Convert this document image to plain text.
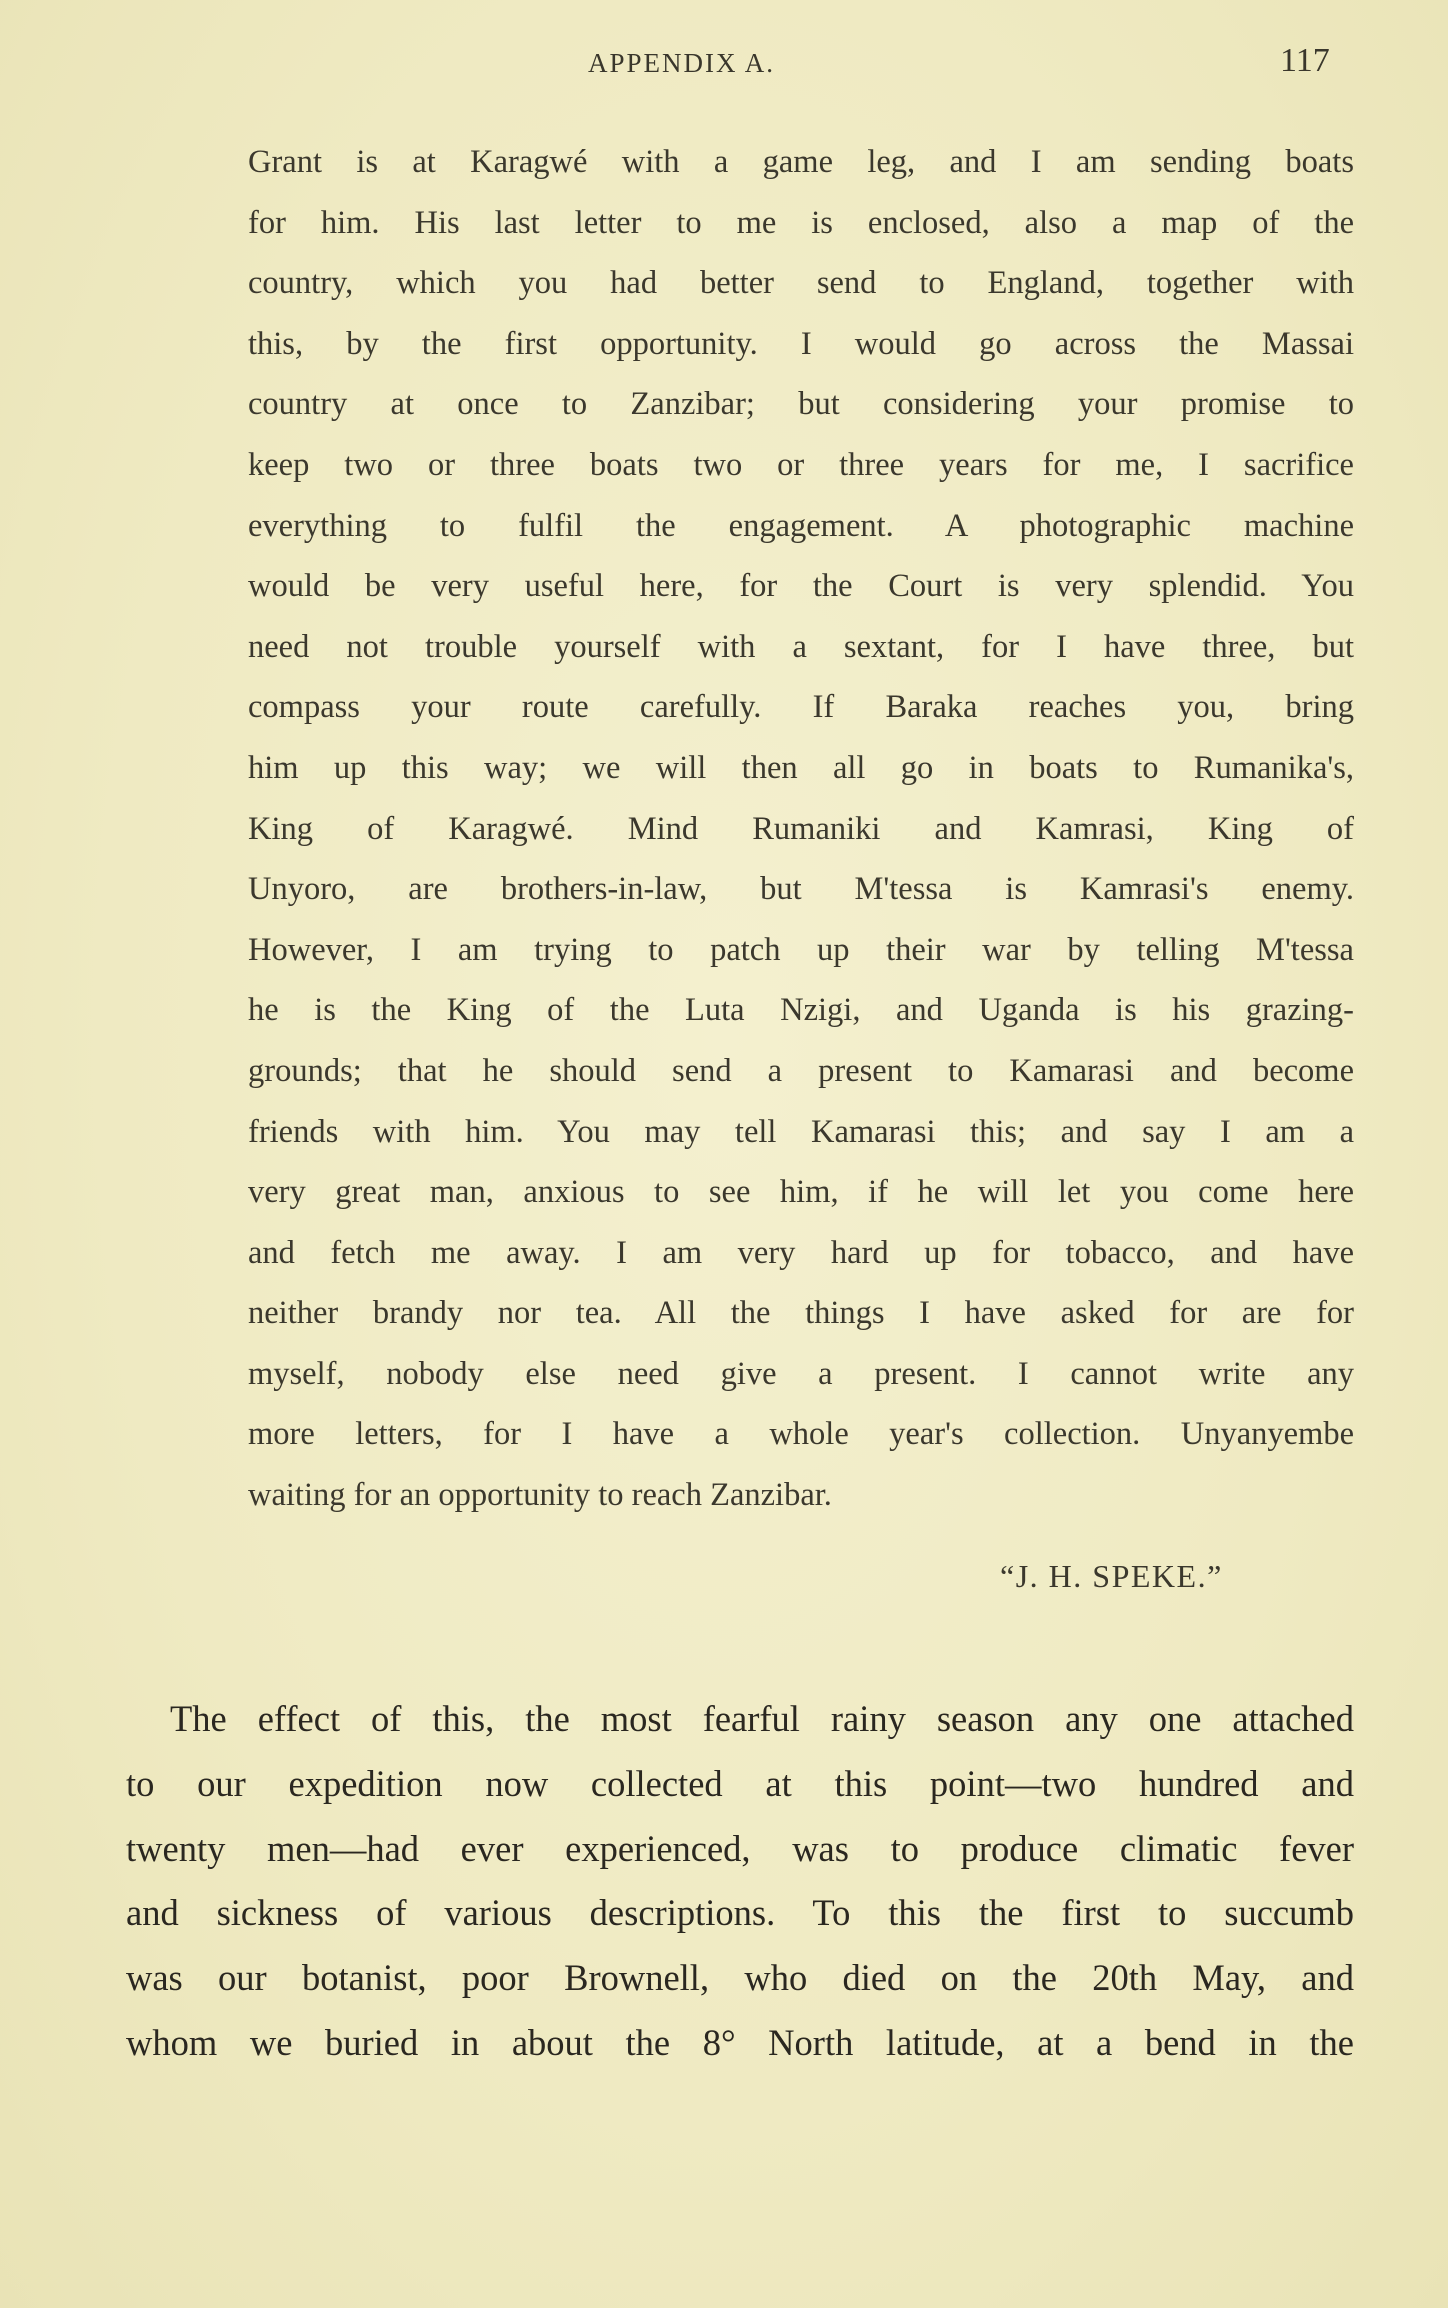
APPENDIX A.	117
Grant is at Karagwé with a game leg, and I am sending boats
for him. His last letter to me is enclosed, also a map of the
country, which you had better send to England, together with
this, by the first opportunity. I would go across the Massai
country at once to Zanzibar; but considering your promise to
keep two or three boats two or three years for me, I sacrifice
everything to fulfil the engagement. A photographic machine
would be very useful here, for the Court is very splendid. You
need not trouble yourself with a sextant, for I have three, but
compass your route carefully. If Baraka reaches you, bring
him up this way; we will then all go in boats to Rumanika's,
King of Karagwé. Mind Rumaniki and Kamrasi, King of
Unyoro, are brothers-in-law, but M'tessa is Kamrasi's enemy.
However, I am trying to patch up their war by telling M'tessa
he is the King of the Luta Nzigi, and Uganda is his grazing-
grounds; that he should send a present to Kamarasi and become
friends with him. You may tell Kamarasi this; and say I am a
very great man, anxious to see him, if he will let you come here
and fetch me away. I am very hard up for tobacco, and have
neither brandy nor tea. All the things I have asked for are for
myself, nobody else need give a present. I cannot write any
more letters, for I have a whole year's collection. Unyanyembe
waiting for an opportunity to reach Zanzibar.
“J. H. SPEKE.”
The effect of this, the most fearful rainy season any one attached
to our expedition now collected at this point—two hundred and
twenty men—had ever experienced, was to produce climatic fever
and sickness of various descriptions. To this the first to succumb
was our botanist, poor Brownell, who died on the 20th May, and
whom we buried in about the 8° North latitude, at a bend in the
